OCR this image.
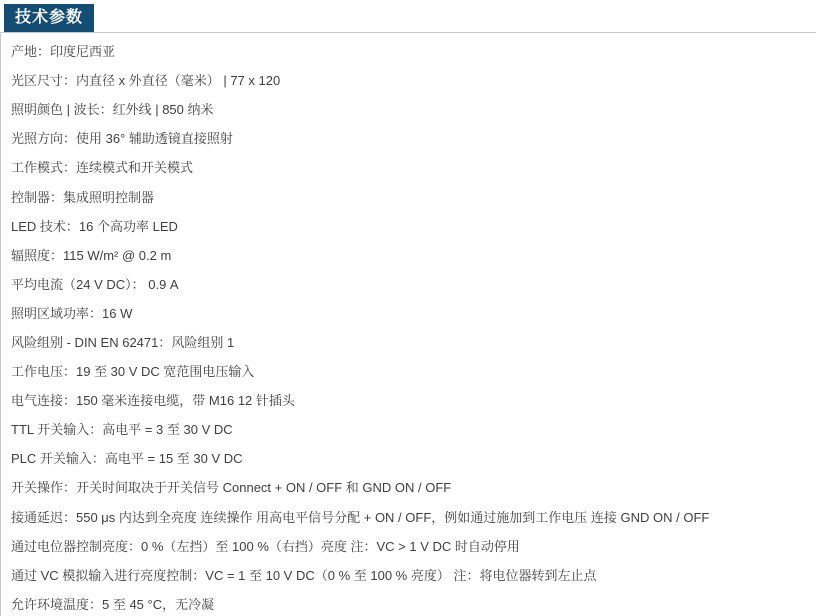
技术参数
产地：印度尼西亚
光区尺寸：内直径 x 外直径（毫米） | 77 x 120
照明颜色 | 波长：红外线 | 850 纳米
光照方向：使用 36° 辅助透镜直接照射
工作模式：连续模式和开关模式
控制器：集成照明控制器
LED 技术：16 个高功率 LED
辐照度：115 W/m² @ 0.2 m
平均电流（24 V DC）： 0.9 A
照明区域功率：16 W
风险组别 - DIN EN 62471：风险组别 1
工作电压：19 至 30 V DC 宽范围电压输入
电气连接：150 毫米连接电缆，带 M16 12 针插头
TTL 开关输入：高电平 = 3 至 30 V DC
PLC 开关输入：高电平 = 15 至 30 V DC
开关操作：开关时间取决于开关信号 Connect + ON / OFF 和 GND ON / OFF
接通延迟：550 μs 内达到全亮度 连续操作 用高电平信号分配 + ON / OFF，例如通过施加到工作电压 连接 GND ON / OFF
通过电位器控制亮度：0 %（左挡）至 100 %（右挡）亮度 注：VC > 1 V DC 时自动停用
通过 VC 模拟输入进行亮度控制：VC = 1 至 10 V DC（0 % 至 100 % 亮度） 注：将电位器转到左止点
允许环境温度：5 至 45 °C，无冷凝
